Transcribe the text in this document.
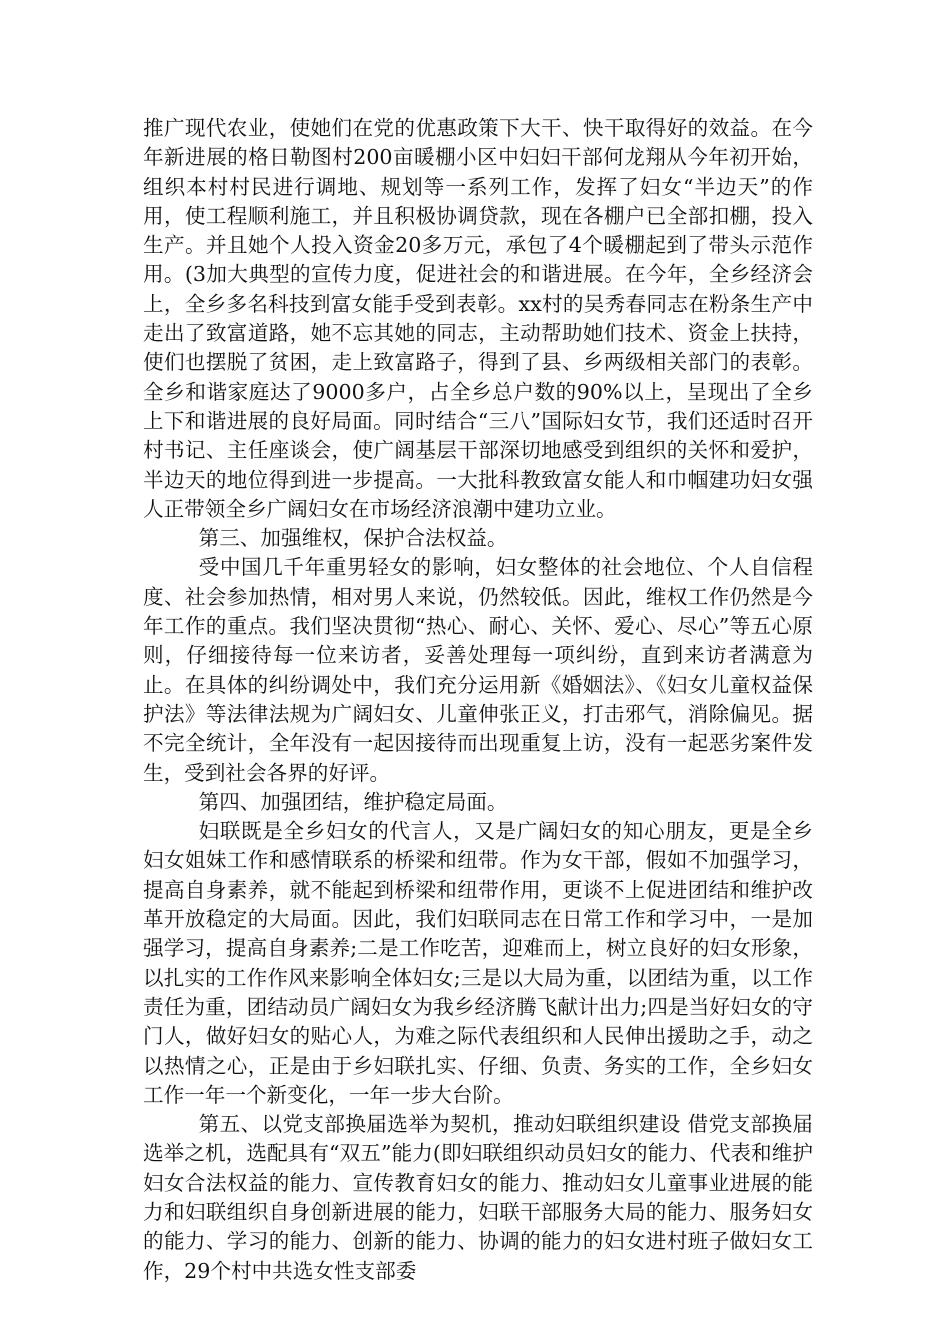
推广现代农业，使她们在党的优惠政策下大干、快干取得好的效益。在今年新进展的格日勒图村200亩暖棚小区中妇妇干部何龙翔从今年初开始，组织本村村民进行调地、规划等一系列工作，发挥了妇女“半边天”的作用，使工程顺利施工，并且积极协调贷款，现在各棚户已全部扣棚，投入生产。并且她个人投入资金20多万元，承包了4个暖棚起到了带头示范作用。(3加大典型的宣传力度，促进社会的和谐进展。在今年，全乡经济会上，全乡多名科技到富女能手受到表彰。xx村的吴秀春同志在粉条生产中走出了致富道路，她不忘其她的同志，主动帮助她们技术、资金上扶持，使们也摆脱了贫困，走上致富路子，得到了县、乡两级相关部门的表彰。全乡和谐家庭达了9000多户，占全乡总户数的90%以上，呈现出了全乡上下和谐进展的良好局面。同时结合“三八”国际妇女节，我们还适时召开村书记、主任座谈会，使广阔基层干部深切地感受到组织的关怀和爱护，半边天的地位得到进一步提高。一大批科教致富女能人和巾帼建功妇女强人正带领全乡广阔妇女在市场经济浪潮中建功立业。

第三、加强维权，保护合法权益。

受中国几千年重男轻女的影响，妇女整体的社会地位、个人自信程度、社会参加热情，相对男人来说，仍然较低。因此，维权工作仍然是今年工作的重点。我们坚决贯彻“热心、耐心、关怀、爱心、尽心”等五心原则，仔细接待每一位来访者，妥善处理每一项纠纷，直到来访者满意为止。在具体的纠纷调处中，我们充分运用新《婚姻法》、《妇女儿童权益保护法》等法律法规为广阔妇女、儿童伸张正义，打击邪气，消除偏见。据不完全统计，全年没有一起因接待而出现重复上访，没有一起恶劣案件发生，受到社会各界的好评。

第四、加强团结，维护稳定局面。

妇联既是全乡妇女的代言人，又是广阔妇女的知心朋友，更是全乡妇女姐妹工作和感情联系的桥梁和纽带。作为女干部，假如不加强学习，提高自身素养，就不能起到桥梁和纽带作用，更谈不上促进团结和维护改革开放稳定的大局面。因此，我们妇联同志在日常工作和学习中，一是加强学习，提高自身素养;二是工作吃苦，迎难而上，树立良好的妇女形象，以扎实的工作作风来影响全体妇女;三是以大局为重，以团结为重，以工作责任为重，团结动员广阔妇女为我乡经济腾飞献计出力;四是当好妇女的守门人，做好妇女的贴心人，为难之际代表组织和人民伸出援助之手，动之以热情之心，正是由于乡妇联扎实、仔细、负责、务实的工作，全乡妇女工作一年一个新变化，一年一步大台阶。

第五、以党支部换届选举为契机，推动妇联组织建设 借党支部换届选举之机，选配具有“双五”能力(即妇联组织动员妇女的能力、代表和维护妇女合法权益的能力、宣传教育妇女的能力、推动妇女儿童事业进展的能力和妇联组织自身创新进展的能力，妇联干部服务大局的能力、服务妇女的能力、学习的能力、创新的能力、协调的能力的妇女进村班子做妇女工作，29个村中共选女性支部委
